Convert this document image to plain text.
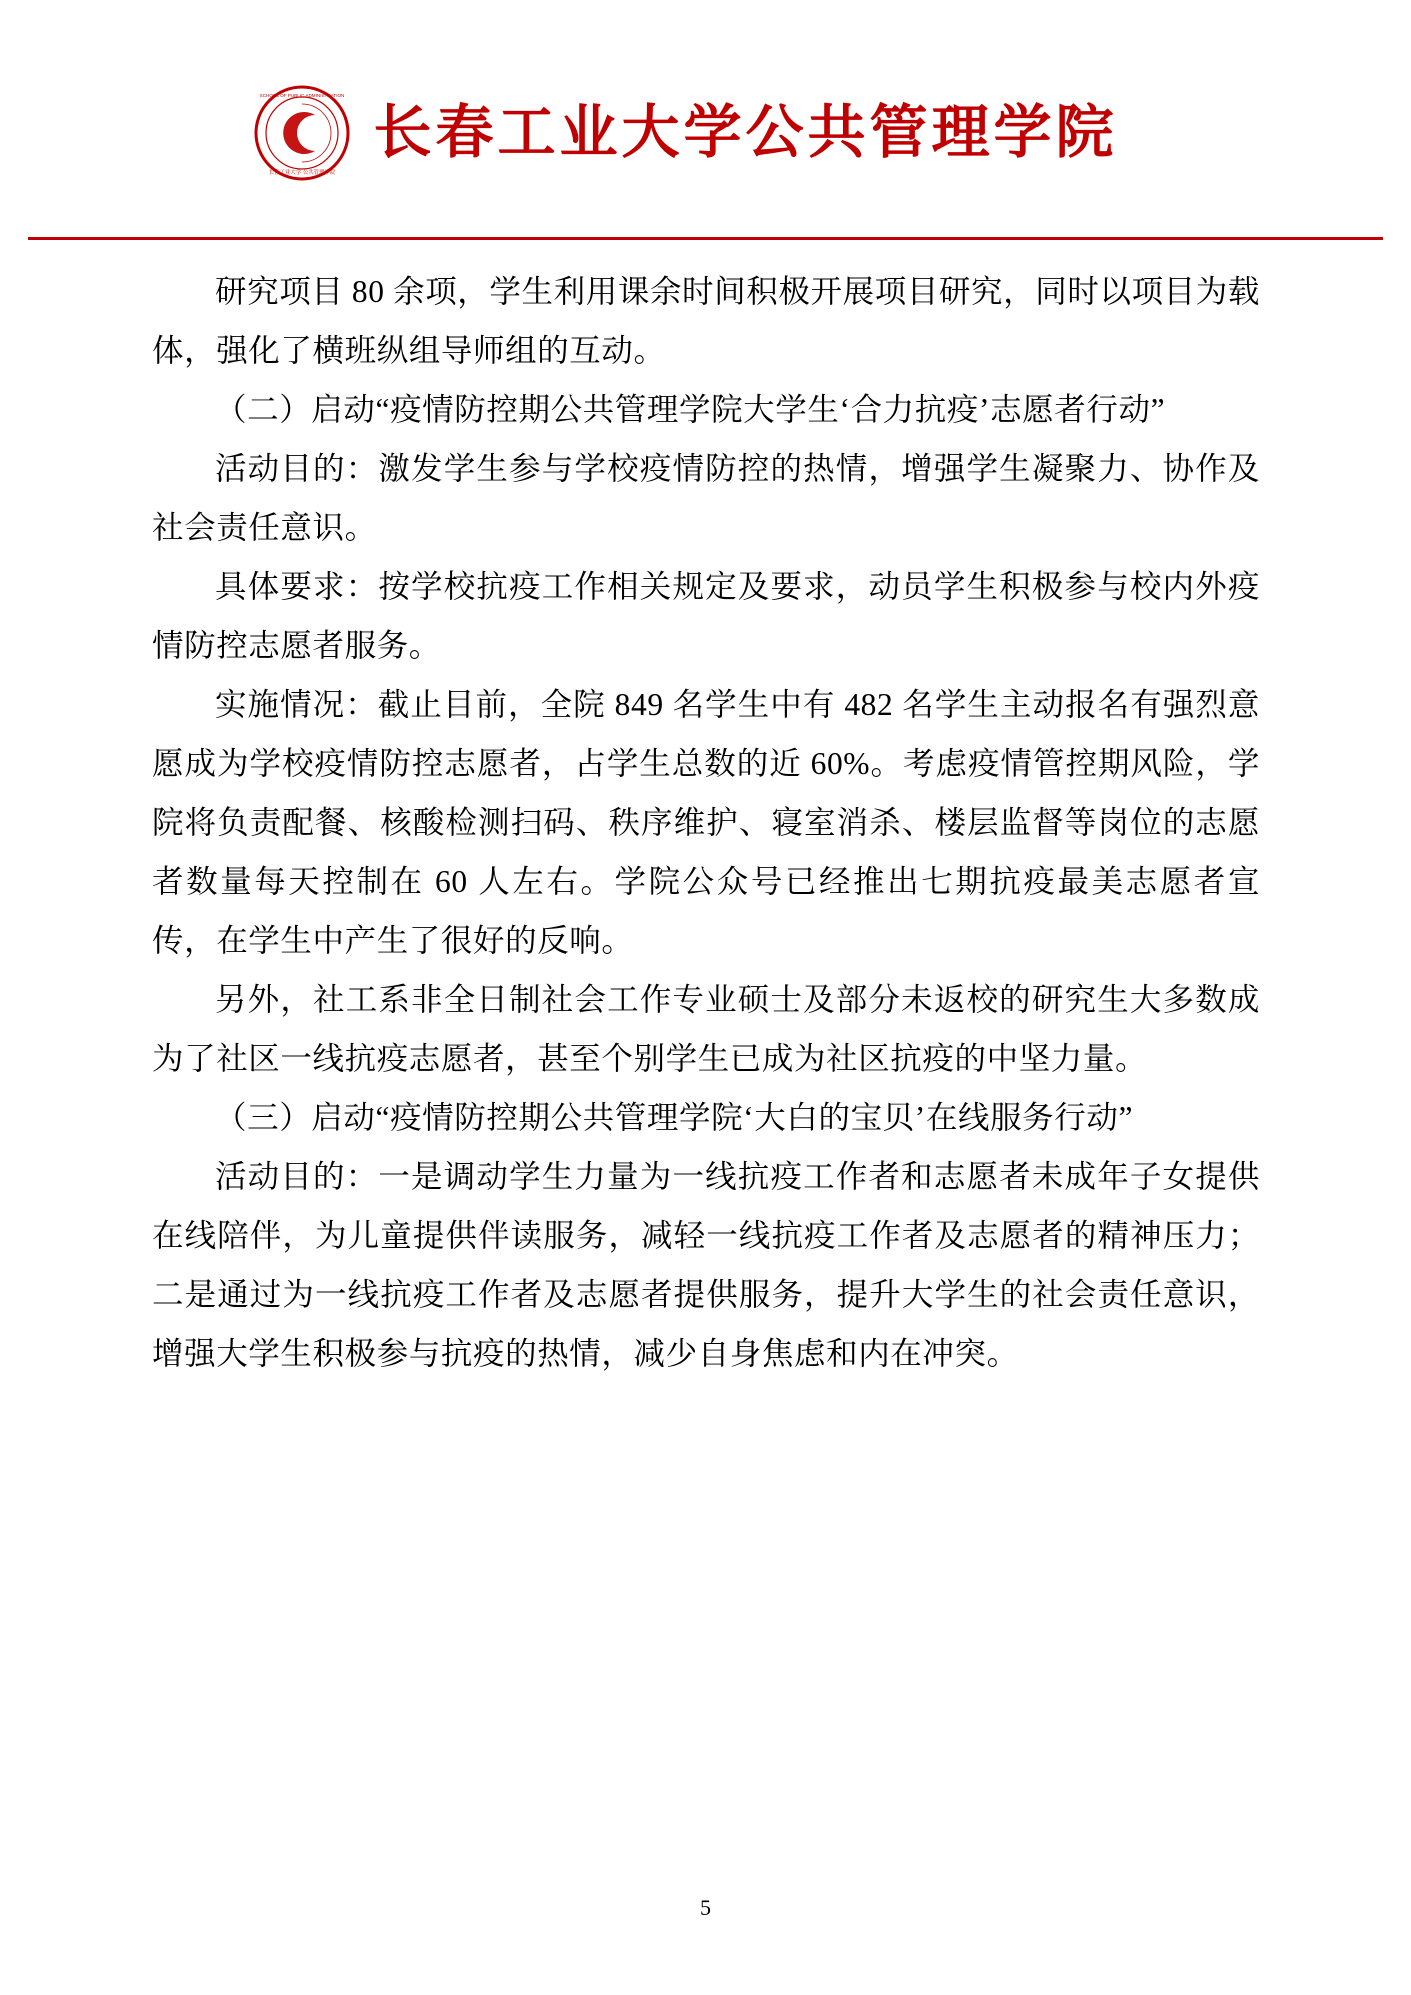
SCHOOL OF PUBLIC ADMINISTRATION
长春工业大学·公共管理学院
长春工业大学公共管理学院

研究项目 80 余项，学生利用课余时间积极开展项目研究，同时以项目为载体，强化了横班纵组导师组的互动。

（二）启动“疫情防控期公共管理学院大学生‘合力抗疫’志愿者行动”

活动目的：激发学生参与学校疫情防控的热情，增强学生凝聚力、协作及社会责任意识。

具体要求：按学校抗疫工作相关规定及要求，动员学生积极参与校内外疫情防控志愿者服务。

实施情况：截止目前，全院 849 名学生中有 482 名学生主动报名有强烈意愿成为学校疫情防控志愿者，占学生总数的近 60%。考虑疫情管控期风险，学院将负责配餐、核酸检测扫码、秩序维护、寝室消杀、楼层监督等岗位的志愿者数量每天控制在 60 人左右。学院公众号已经推出七期抗疫最美志愿者宣传，在学生中产生了很好的反响。

另外，社工系非全日制社会工作专业硕士及部分未返校的研究生大多数成为了社区一线抗疫志愿者，甚至个别学生已成为社区抗疫的中坚力量。

（三）启动“疫情防控期公共管理学院‘大白的宝贝’在线服务行动”

活动目的：一是调动学生力量为一线抗疫工作者和志愿者未成年子女提供在线陪伴，为儿童提供伴读服务，减轻一线抗疫工作者及志愿者的精神压力；二是通过为一线抗疫工作者及志愿者提供服务，提升大学生的社会责任意识，增强大学生积极参与抗疫的热情，减少自身焦虑和内在冲突。

5
